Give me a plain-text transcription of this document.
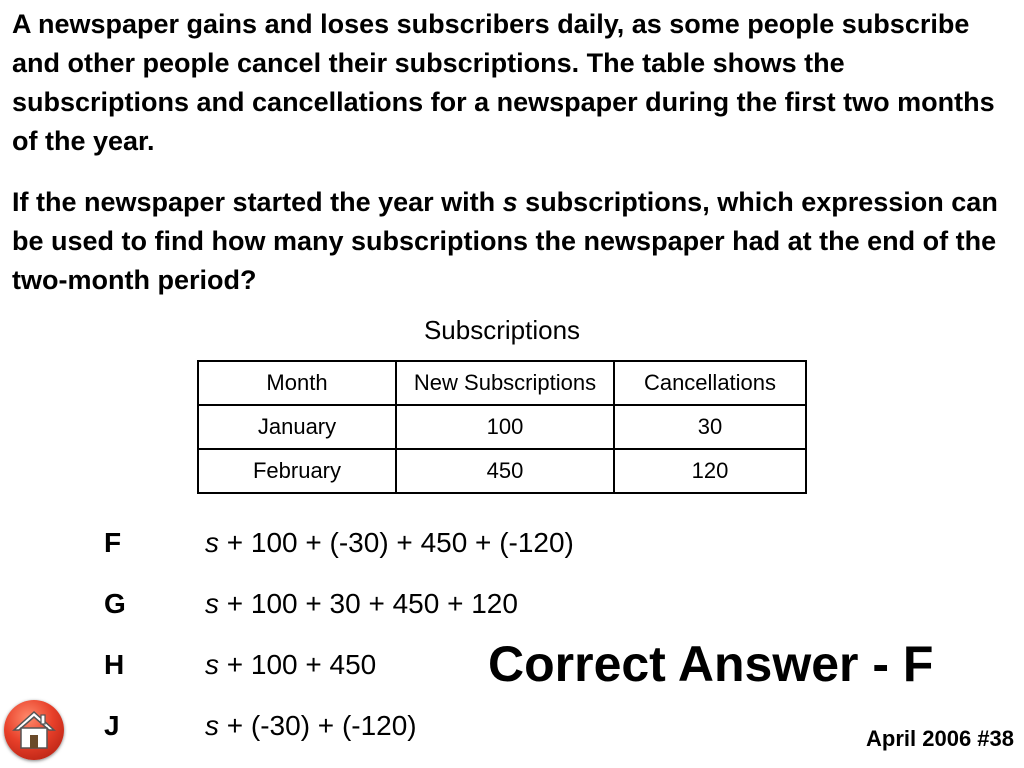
A newspaper gains and loses subscribers daily, as some people subscribe and other people cancel their subscriptions. The table shows the subscriptions and cancellations for a newspaper during the first two months of the year.

If the newspaper started the year with s subscriptions, which expression can be used to find how many subscriptions the newspaper had at the end of the two-month period?

Subscriptions
Month	New Subscriptions	Cancellations
January	100	30
February	450	120
F	s + 100 + (-30) + 450 + (-120)
G	s + 100 + 30 + 450 + 120
H	s + 100 + 450
J	s + (-30) + (-120)
Correct Answer - F
April 2006 #38
